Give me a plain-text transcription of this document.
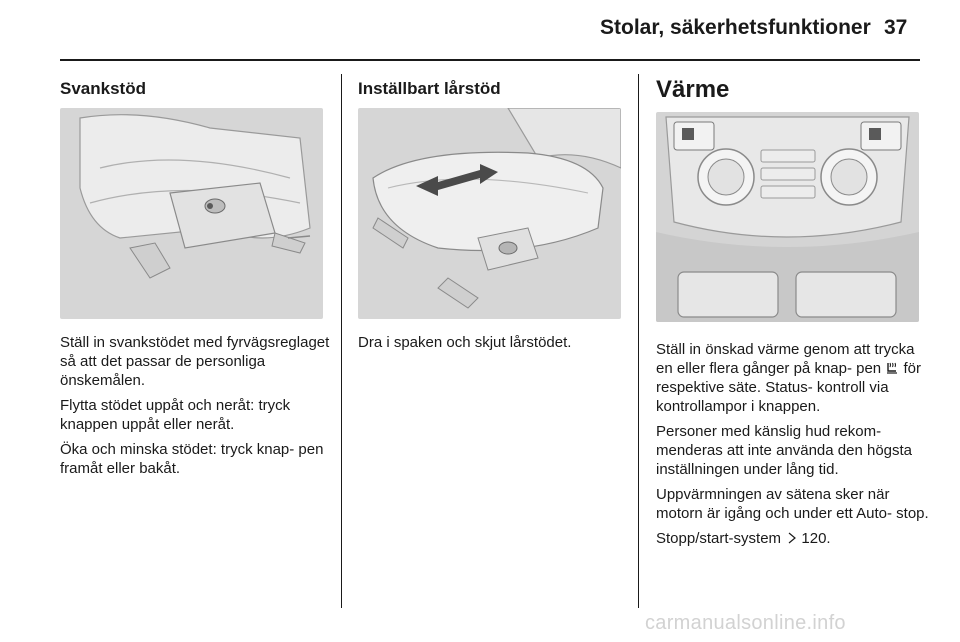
Stolar, säkerhetsfunktioner 37
Svankstöd

Ställ in svankstödet med fyrvägsreglaget så att det passar de personliga önskemålen.

Flytta stödet uppåt och neråt: tryck knappen uppåt eller neråt.

Öka och minska stödet: tryck knap- pen framåt eller bakåt.

Inställbart lårstöd

Dra i spaken och skjut lårstödet.

Värme

Ställ in önskad värme genom att trycka en eller flera gånger på knap- pen  för respektive säte. Status- kontroll via kontrollampor i knappen.

Personer med känslig hud rekom- menderas att inte använda den högsta inställningen under lång tid.

Uppvärmningen av sätena sker när motorn är igång och under ett Auto- stop.

Stopp/start-system  120.

carmanualsonline.info
